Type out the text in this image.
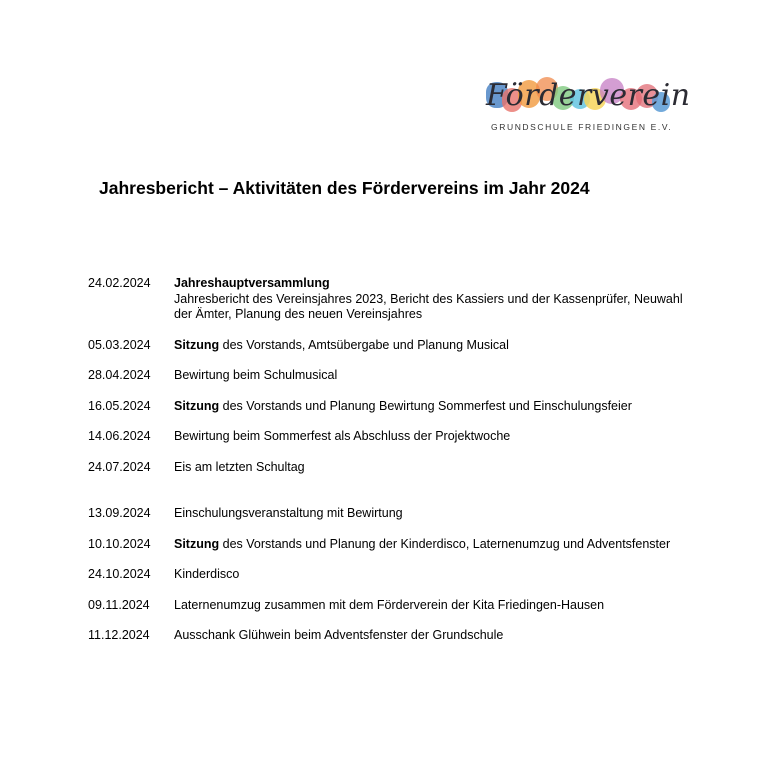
Förderverein
GRUNDSCHULE FRIEDINGEN E.V.
Jahresbericht – Aktivitäten des Fördervereins im Jahr 2024
24.02.2024 Jahreshauptversammlung
Jahresbericht des Vereinsjahres 2023, Bericht des Kassiers und der Kassenprüfer, Neuwahl der Ämter, Planung des neuen Vereinsjahres
05.03.2024 Sitzung des Vorstands, Amtsübergabe und Planung Musical
28.04.2024 Bewirtung beim Schulmusical
16.05.2024 Sitzung des Vorstands und Planung Bewirtung Sommerfest und Einschulungsfeier
14.06.2024 Bewirtung beim Sommerfest als Abschluss der Projektwoche
24.07.2024 Eis am letzten Schultag
13.09.2024 Einschulungsveranstaltung mit Bewirtung
10.10.2024 Sitzung des Vorstands und Planung der Kinderdisco, Laternenumzug und Adventsfenster
24.10.2024 Kinderdisco
09.11.2024 Laternenumzug zusammen mit dem Förderverein der Kita Friedingen-Hausen
11.12.2024 Ausschank Glühwein beim Adventsfenster der Grundschule
